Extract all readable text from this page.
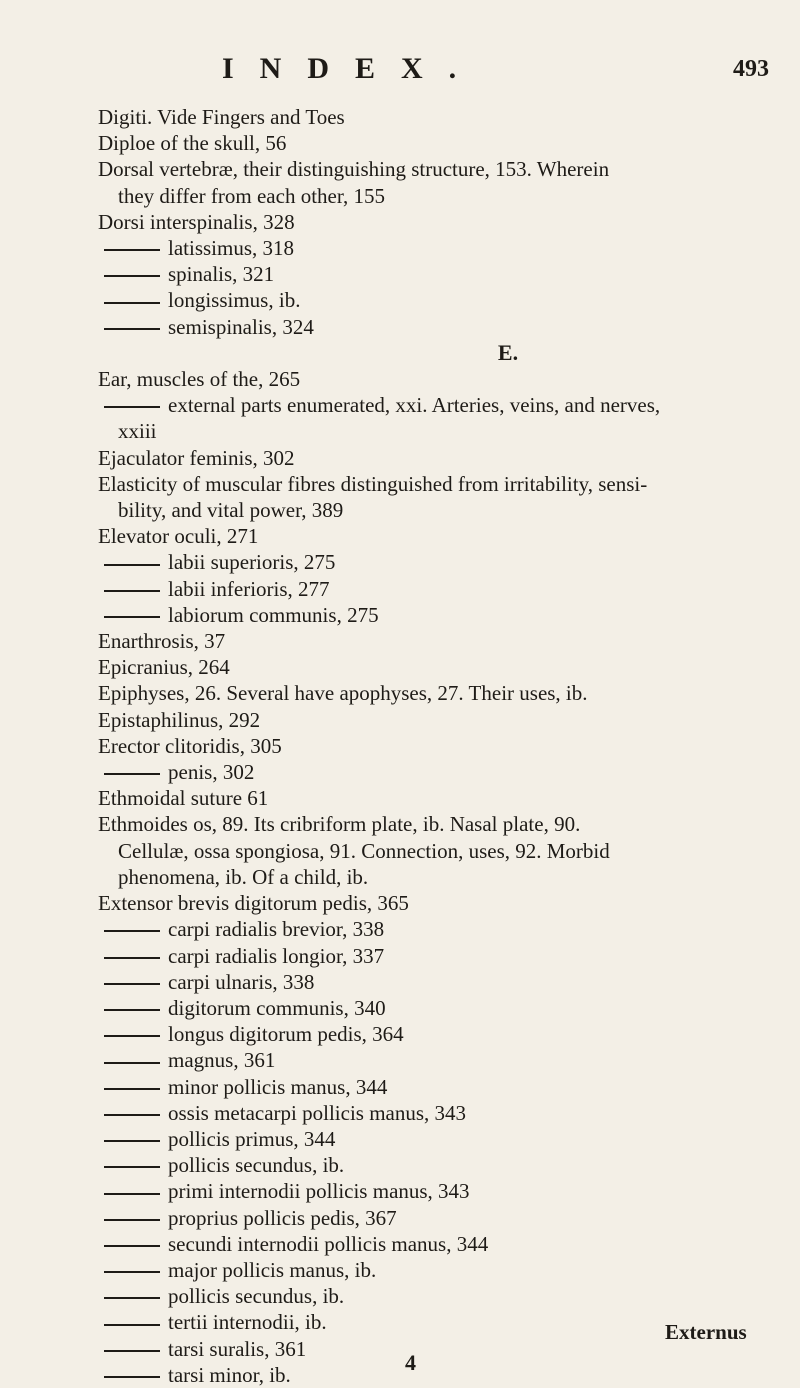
INDEX.	493

Digiti. Vide Fingers and Toes

Diploe of the skull, 56

Dorsal vertebræ, their distinguishing structure, 153. Wherein

they differ from each other, 155

Dorsi interspinalis, 328

latissimus, 318

spinalis, 321

longissimus, ib.

semispinalis, 324

E.

Ear, muscles of the, 265

external parts enumerated, xxi. Arteries, veins, and nerves,

xxiii

Ejaculator feminis, 302

Elasticity of muscular fibres distinguished from irritability, sensi-

bility, and vital power, 389

Elevator oculi, 271

labii superioris, 275

labii inferioris, 277

labiorum communis, 275

Enarthrosis, 37

Epicranius, 264

Epiphyses, 26. Several have apophyses, 27. Their uses, ib.

Epistaphilinus, 292

Erector clitoridis, 305

penis, 302

Ethmoidal suture 61

Ethmoides os, 89. Its cribriform plate, ib. Nasal plate, 90.

Cellulæ, ossa spongiosa, 91. Connection, uses, 92. Morbid

phenomena, ib. Of a child, ib.

Extensor brevis digitorum pedis, 365

carpi radialis brevior, 338

carpi radialis longior, 337

carpi ulnaris, 338

digitorum communis, 340

longus digitorum pedis, 364

magnus, 361

minor pollicis manus, 344

ossis metacarpi pollicis manus, 343

pollicis primus, 344

pollicis secundus, ib.

primi internodii pollicis manus, 343

proprius pollicis pedis, 367

secundi internodii pollicis manus, 344

major pollicis manus, ib.

pollicis secundus, ib.

tertii internodii, ib.

tarsi suralis, 361

tarsi minor, ib.

Externus
4
